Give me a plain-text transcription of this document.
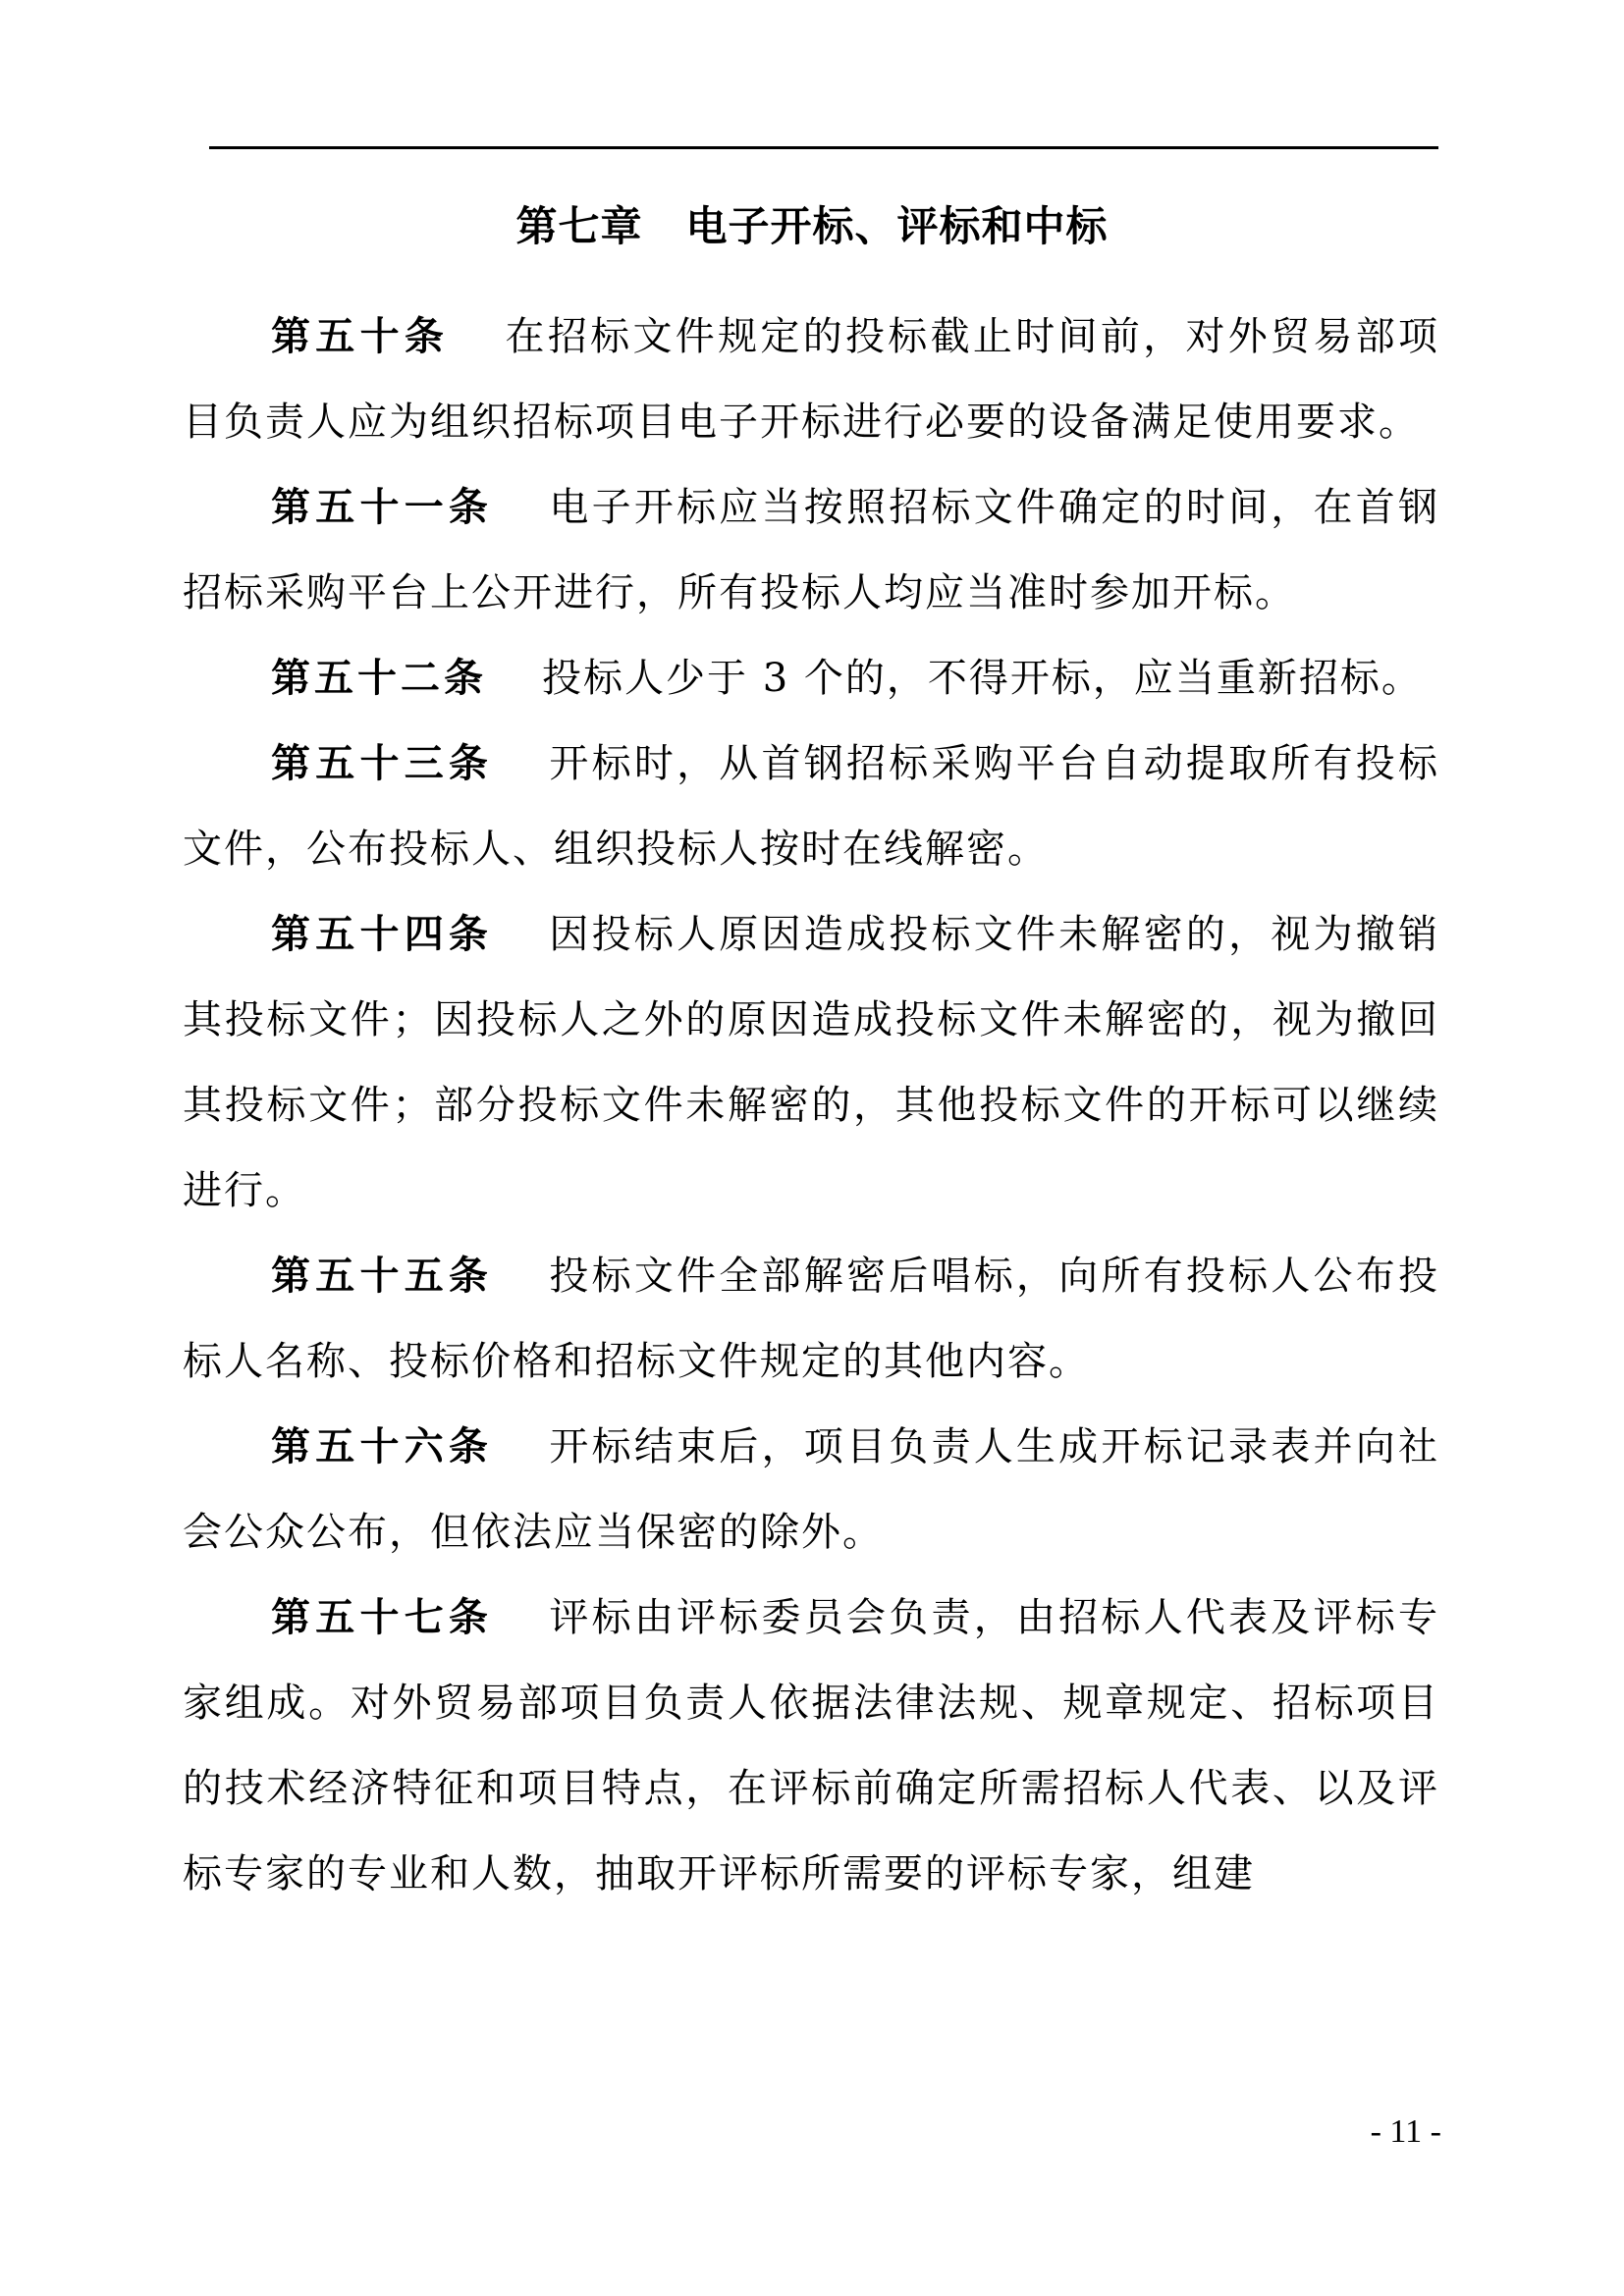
第七章 电子开标、评标和中标

第五十条 在招标文件规定的投标截止时间前，对外贸易部项目负责人应为组织招标项目电子开标进行必要的设备满足使用要求。

第五十一条 电子开标应当按照招标文件确定的时间，在首钢招标采购平台上公开进行，所有投标人均应当准时参加开标。

第五十二条 投标人少于 3 个的，不得开标，应当重新招标。

第五十三条 开标时，从首钢招标采购平台自动提取所有投标文件，公布投标人、组织投标人按时在线解密。

第五十四条 因投标人原因造成投标文件未解密的，视为撤销其投标文件；因投标人之外的原因造成投标文件未解密的，视为撤回其投标文件；部分投标文件未解密的，其他投标文件的开标可以继续进行。

第五十五条 投标文件全部解密后唱标，向所有投标人公布投标人名称、投标价格和招标文件规定的其他内容。

第五十六条 开标结束后，项目负责人生成开标记录表并向社会公众公布，但依法应当保密的除外。

第五十七条 评标由评标委员会负责，由招标人代表及评标专家组成。对外贸易部项目负责人依据法律法规、规章规定、招标项目的技术经济特征和项目特点，在评标前确定所需招标人代表、以及评标专家的专业和人数，抽取开评标所需要的评标专家，组建

- 11 -
